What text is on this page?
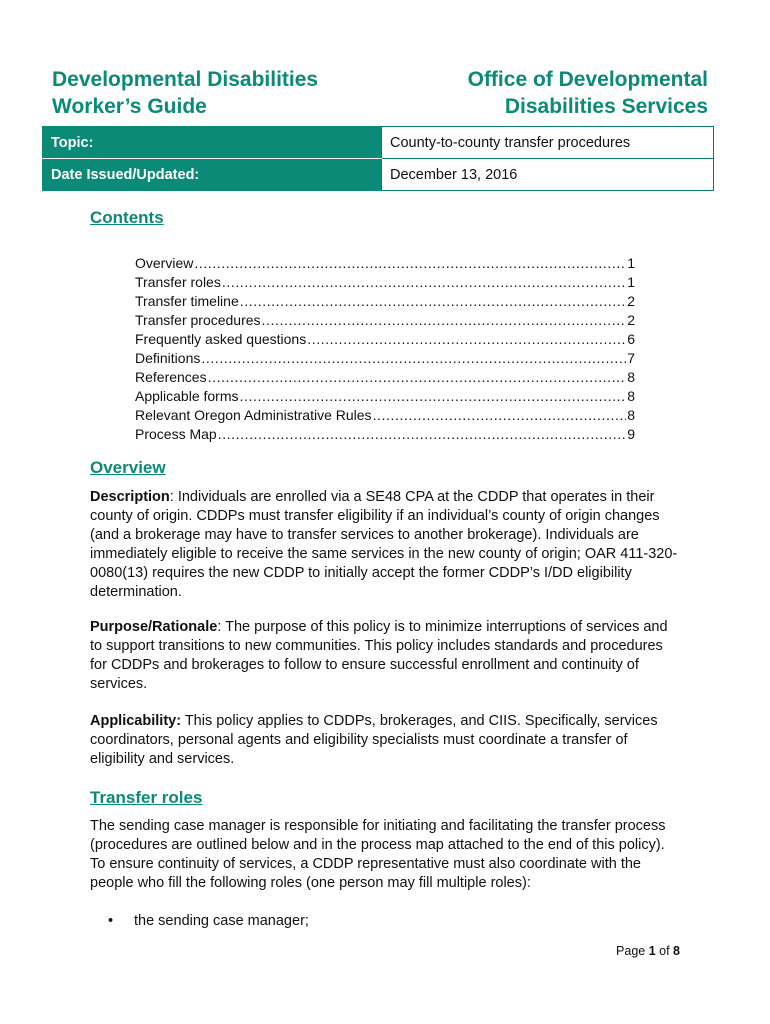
Developmental Disabilities Worker’s Guide
Office of Developmental Disabilities Services
Topic:	County-to-county transfer procedures
Date Issued/Updated:	December 13, 2016
Contents
Overview .....	1
Transfer roles .....	1
Transfer timeline .....	2
Transfer procedures .....	2
Frequently asked questions .....	6
Definitions .....	7
References .....	8
Applicable forms .....	8
Relevant Oregon Administrative Rules .....	8
Process Map .....	9
Overview

Description: Individuals are enrolled via a SE48 CPA at the CDDP that operates in their county of origin. CDDPs must transfer eligibility if an individual’s county of origin changes (and a brokerage may have to transfer services to another brokerage). Individuals are immediately eligible to receive the same services in the new county of origin; OAR 411-320-0080(13) requires the new CDDP to initially accept the former CDDP’s I/DD eligibility determination.

Purpose/Rationale: The purpose of this policy is to minimize interruptions of services and to support transitions to new communities. This policy includes standards and procedures for CDDPs and brokerages to follow to ensure successful enrollment and continuity of services.

Applicability: This policy applies to CDDPs, brokerages, and CIIS. Specifically, services coordinators, personal agents and eligibility specialists must coordinate a transfer of eligibility and services.

Transfer roles

The sending case manager is responsible for initiating and facilitating the transfer process (procedures are outlined below and in the process map attached to the end of this policy). To ensure continuity of services, a CDDP representative must also coordinate with the people who fill the following roles (one person may fill multiple roles):

• the sending case manager;
Page 1 of 8
